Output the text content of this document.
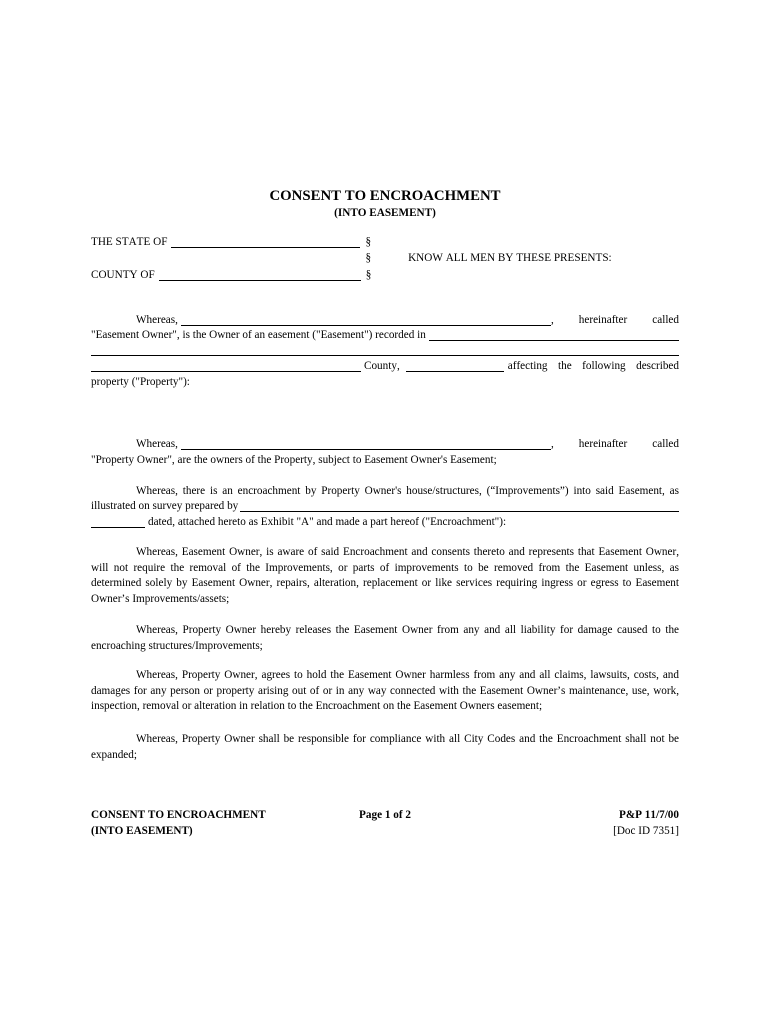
CONSENT TO ENCROACHMENT
(INTO EASEMENT)
THE STATE OF	§
§	KNOW ALL MEN BY THESE PRESENTS:
COUNTY OF	§
Whereas,	, hereinafter called
"Easement Owner", is the Owner of an easement ("Easement") recorded in
County,	affecting the following described
property ("Property"):
Whereas,	, hereinafter called
"Property Owner", are the owners of the Property, subject to Easement Owner's Easement;
Whereas, there is an encroachment by Property Owner's house/structures, (“Improvements”) into said Easement, as
illustrated on survey prepared by
dated, attached hereto as Exhibit "A" and made a part hereof ("Encroachment"):
Whereas, Easement Owner, is aware of said Encroachment and consents thereto and represents that Easement Owner, will not require the removal of the Improvements, or parts of improvements to be removed from the Easement unless, as determined solely by Easement Owner, repairs, alteration, replacement or like services requiring ingress or egress to Easement Owner’s Improvements/assets;
Whereas, Property Owner hereby releases the Easement Owner from any and all liability for damage caused to the encroaching structures/Improvements;
Whereas, Property Owner, agrees to hold the Easement Owner harmless from any and all claims, lawsuits, costs, and damages for any person or property arising out of or in any way connected with the Easement Owner’s maintenance, use, work, inspection, removal or alteration in relation to the Encroachment on the Easement Owners easement;
Whereas, Property Owner shall be responsible for compliance with all City Codes and the Encroachment shall not be expanded;
CONSENT TO ENCROACHMENT
(INTO EASEMENT)
Page 1 of 2	P&P 11/7/00
[Doc ID 7351]
